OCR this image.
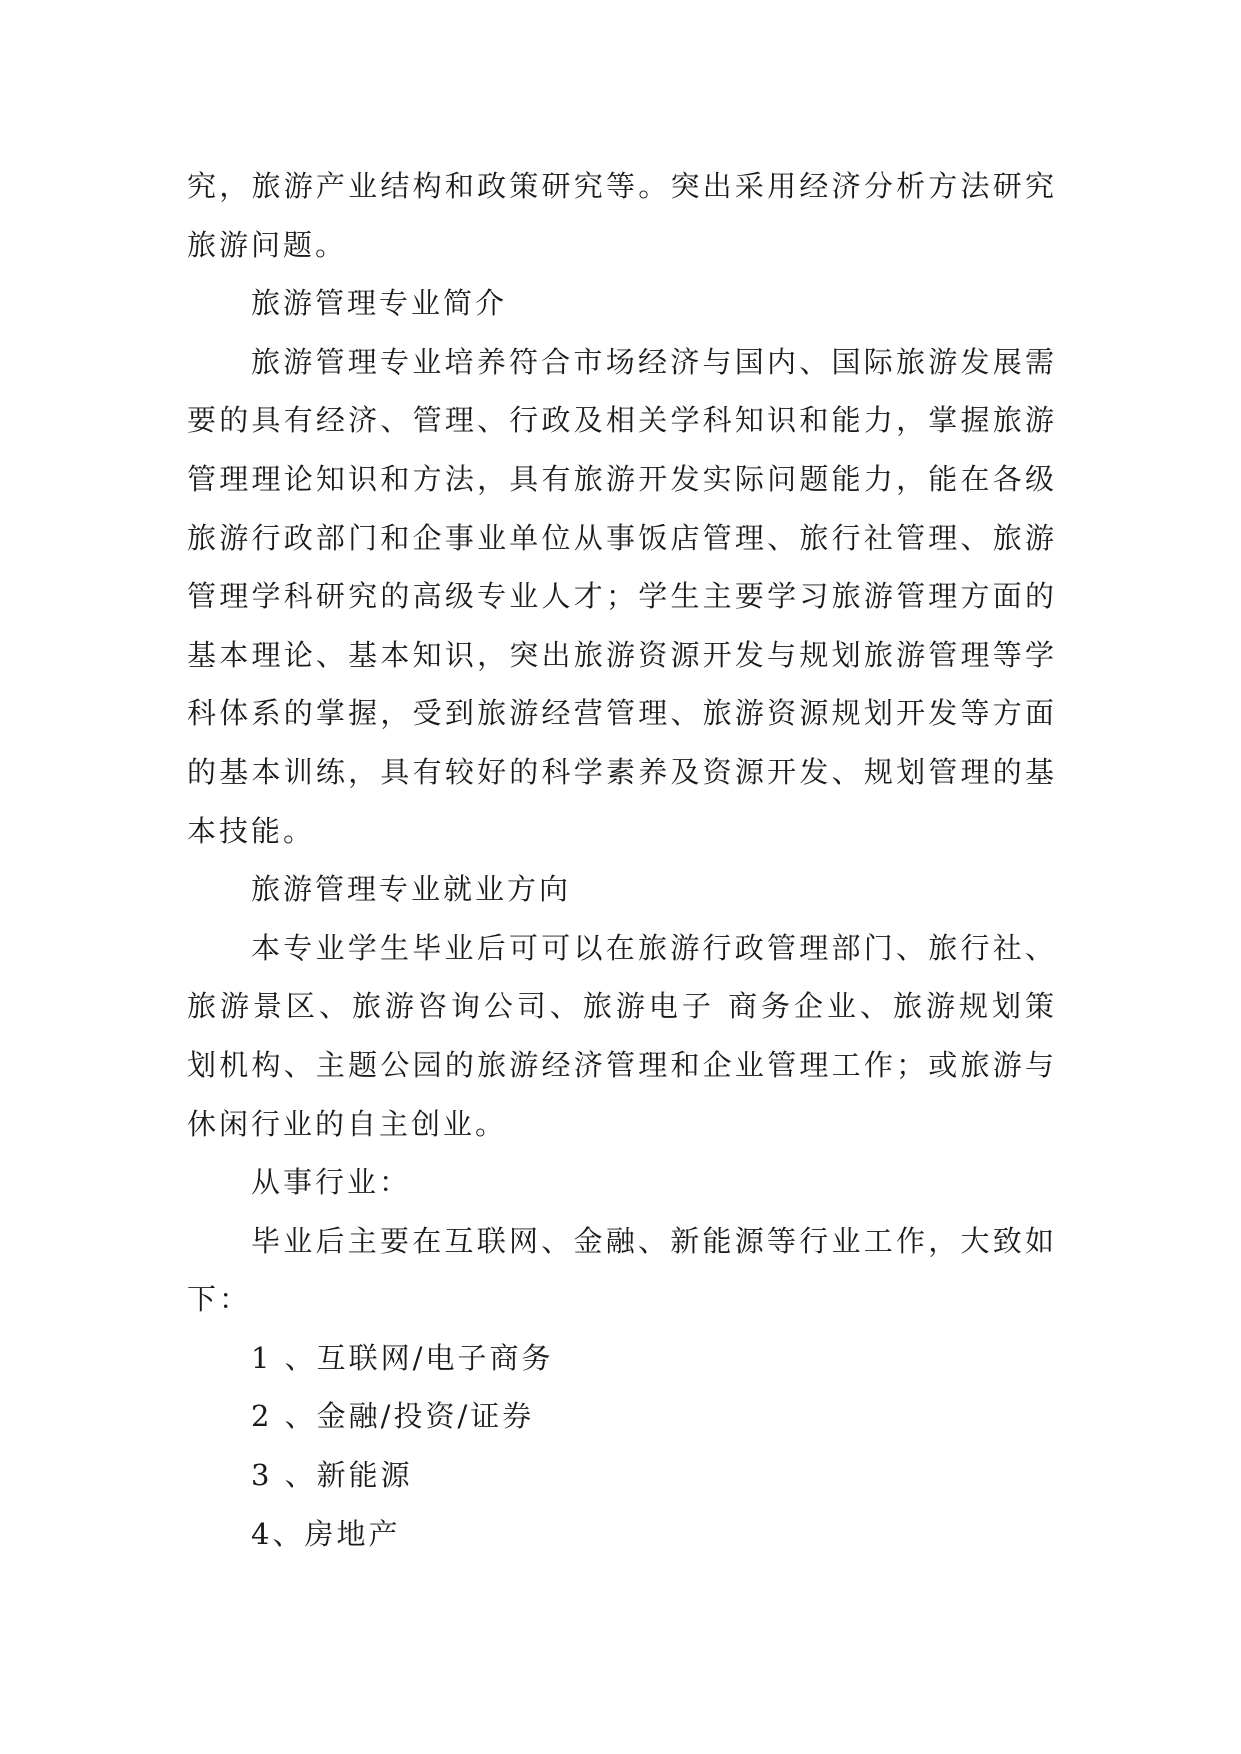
究，旅游产业结构和政策研究等。突出采用经济分析方法研究旅游问题。

旅游管理专业简介

旅游管理专业培养符合市场经济与国内、国际旅游发展需要的具有经济、管理、行政及相关学科知识和能力，掌握旅游管理理论知识和方法，具有旅游开发实际问题能力，能在各级旅游行政部门和企事业单位从事饭店管理、旅行社管理、旅游管理学科研究的高级专业人才；学生主要学习旅游管理方面的基本理论、基本知识，突出旅游资源开发与规划旅游管理等学科体系的掌握，受到旅游经营管理、旅游资源规划开发等方面的基本训练，具有较好的科学素养及资源开发、规划管理的基本技能。

旅游管理专业就业方向

本专业学生毕业后可可以在旅游行政管理部门、旅行社、旅游景区、旅游咨询公司、旅游电子 商务企业、旅游规划策划机构、主题公园的旅游经济管理和企业管理工作；或旅游与休闲行业的自主创业。

从事行业：

毕业后主要在互联网、金融、新能源等行业工作，大致如下：

1 、互联网/电子商务

2 、金融/投资/证券

3 、新能源

4、房地产
